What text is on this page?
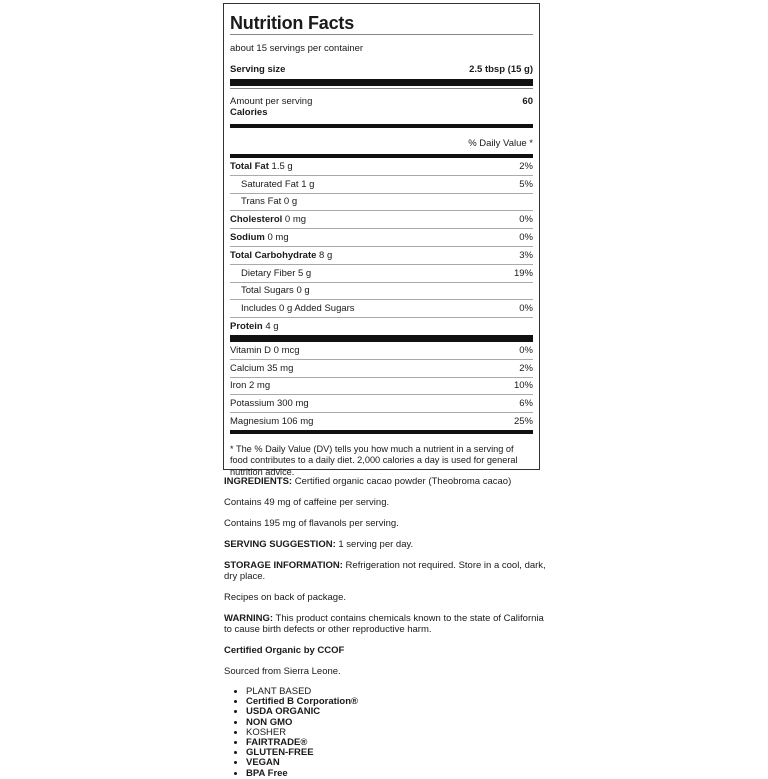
Nutrition Facts
about 15 servings per container
Serving size	2.5 tbsp (15 g)
Amount per serving	60
Calories
% Daily Value *
Total Fat 1.5 g	2%
Saturated Fat 1 g	5%
Trans Fat 0 g
Cholesterol 0 mg	0%
Sodium 0 mg	0%
Total Carbohydrate 8 g	3%
Dietary Fiber 5 g	19%
Total Sugars 0 g
Includes 0 g Added Sugars	0%
Protein 4 g
Vitamin D 0 mcg	0%
Calcium 35 mg	2%
Iron 2 mg	10%
Potassium 300 mg	6%
Magnesium 106 mg	25%
* The % Daily Value (DV) tells you how much a nutrient in a serving of food contributes to a daily diet. 2,000 calories a day is used for general nutrition advice.

INGREDIENTS: Certified organic cacao powder (Theobroma cacao)

Contains 49 mg of caffeine per serving.

Contains 195 mg of flavanols per serving.

SERVING SUGGESTION: 1 serving per day.

STORAGE INFORMATION: Refrigeration not required. Store in a cool, dark, dry place.

Recipes on back of package.

WARNING: This product contains chemicals known to the state of California to cause birth defects or other reproductive harm.

Certified Organic by CCOF

Sourced from Sierra Leone.

• PLANT BASED
• Certified B Corporation®
• USDA ORGANIC
• NON GMO
• KOSHER
• FAIRTRADE®
• GLUTEN-FREE
• VEGAN
• BPA Free
